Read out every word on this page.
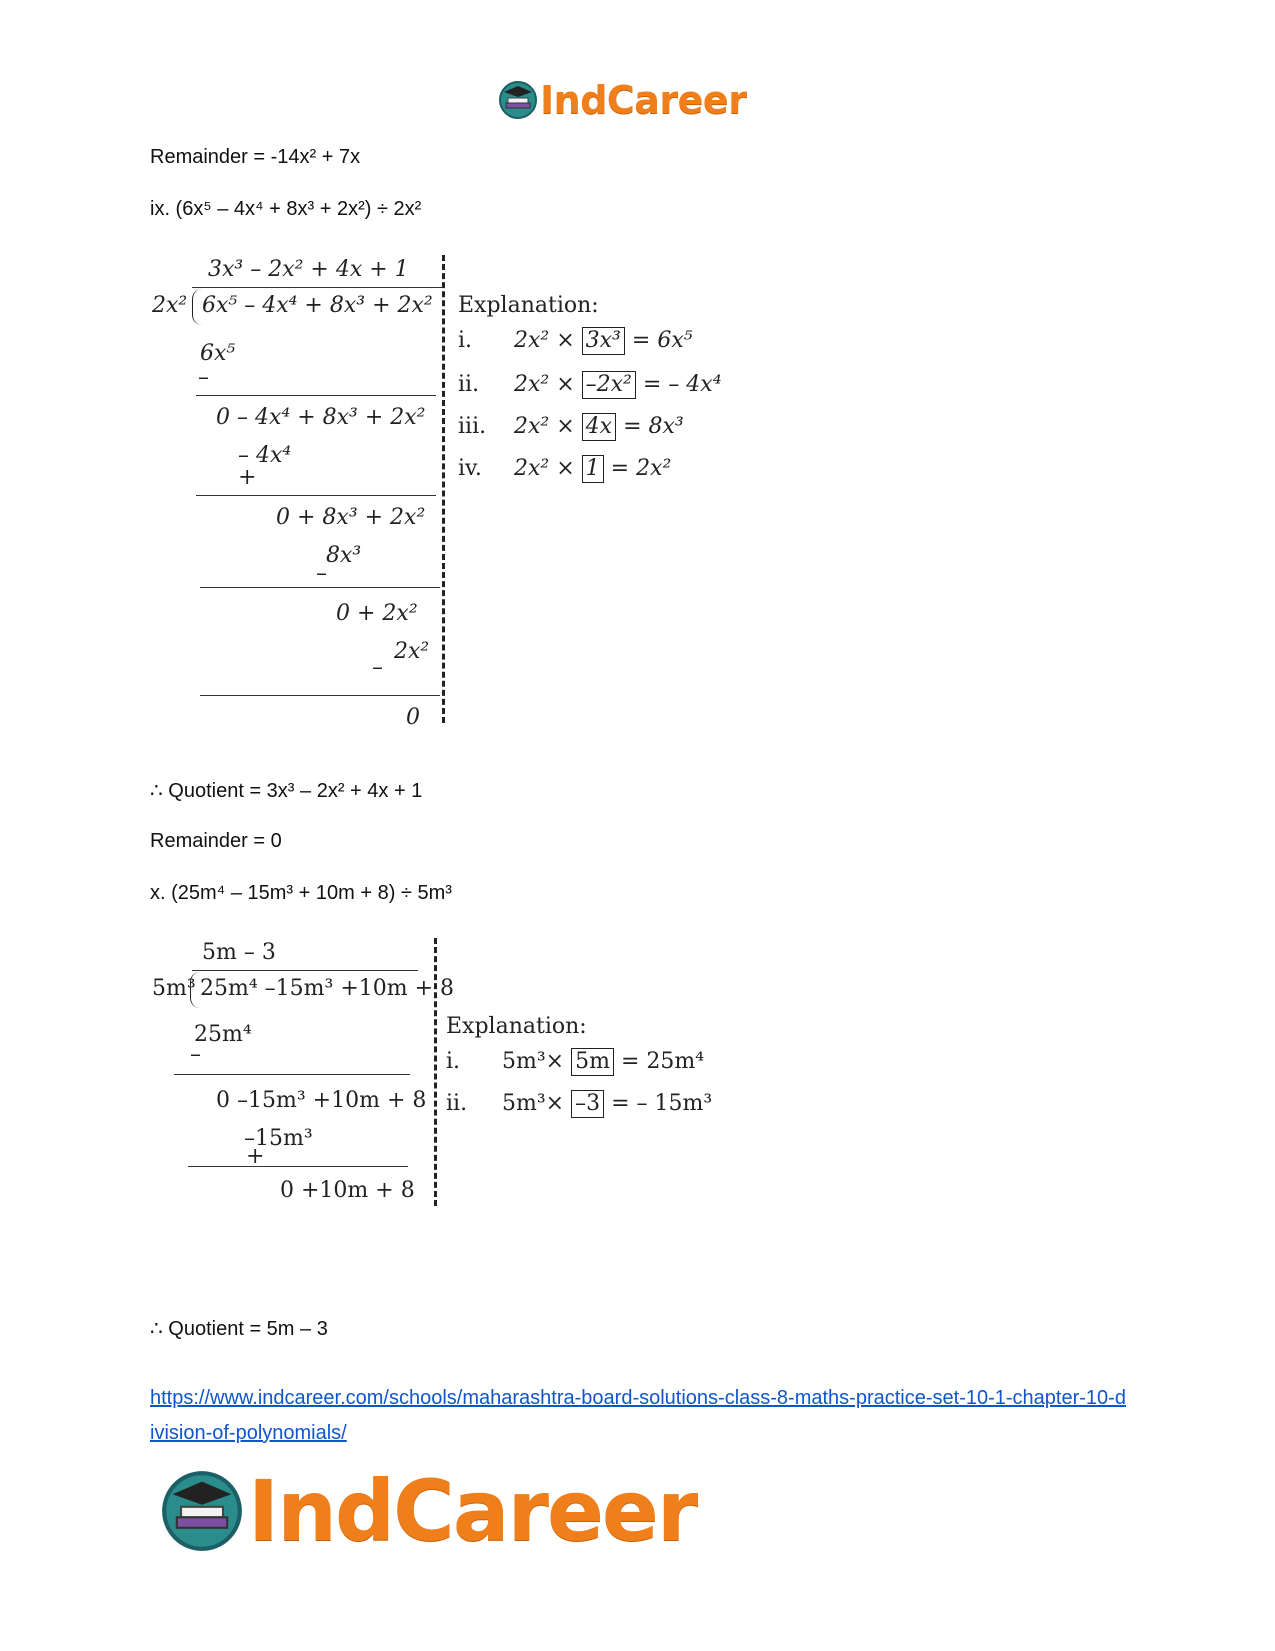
IndCareer
Remainder = -14x² + 7x
ix. (6x⁵ – 4x⁴ + 8x³ + 2x²) ÷ 2x²
3x³ – 2x² + 4x + 1
2x² 6x⁵ – 4x⁴ + 8x³ + 2x²
6x⁵
–
0 – 4x⁴ + 8x³ + 2x²
– 4x⁴
+
0 + 8x³ + 2x²
8x³
–
0 + 2x²
2x²
–
0
Explanation:
i. 2x² × 3x³ = 6x⁵
ii. 2x² × –2x² = – 4x⁴
iii. 2x² × 4x = 8x³
iv. 2x² × 1 = 2x²
∴ Quotient = 3x³ – 2x² + 4x + 1
Remainder = 0
x. (25m⁴ – 15m³ + 10m + 8) ÷ 5m³
5m – 3
5m³ 25m⁴ –15m³ +10m + 8
25m⁴
–
0 –15m³ +10m + 8
–15m³
+
0 +10m + 8
Explanation:
i. 5m³× 5m = 25m⁴
ii. 5m³× –3 = – 15m³
∴ Quotient = 5m – 3
https://www.indcareer.com/schools/maharashtra-board-solutions-class-8-maths-practice-set-10-1-chapter-10-division-of-polynomials/
IndCareer
